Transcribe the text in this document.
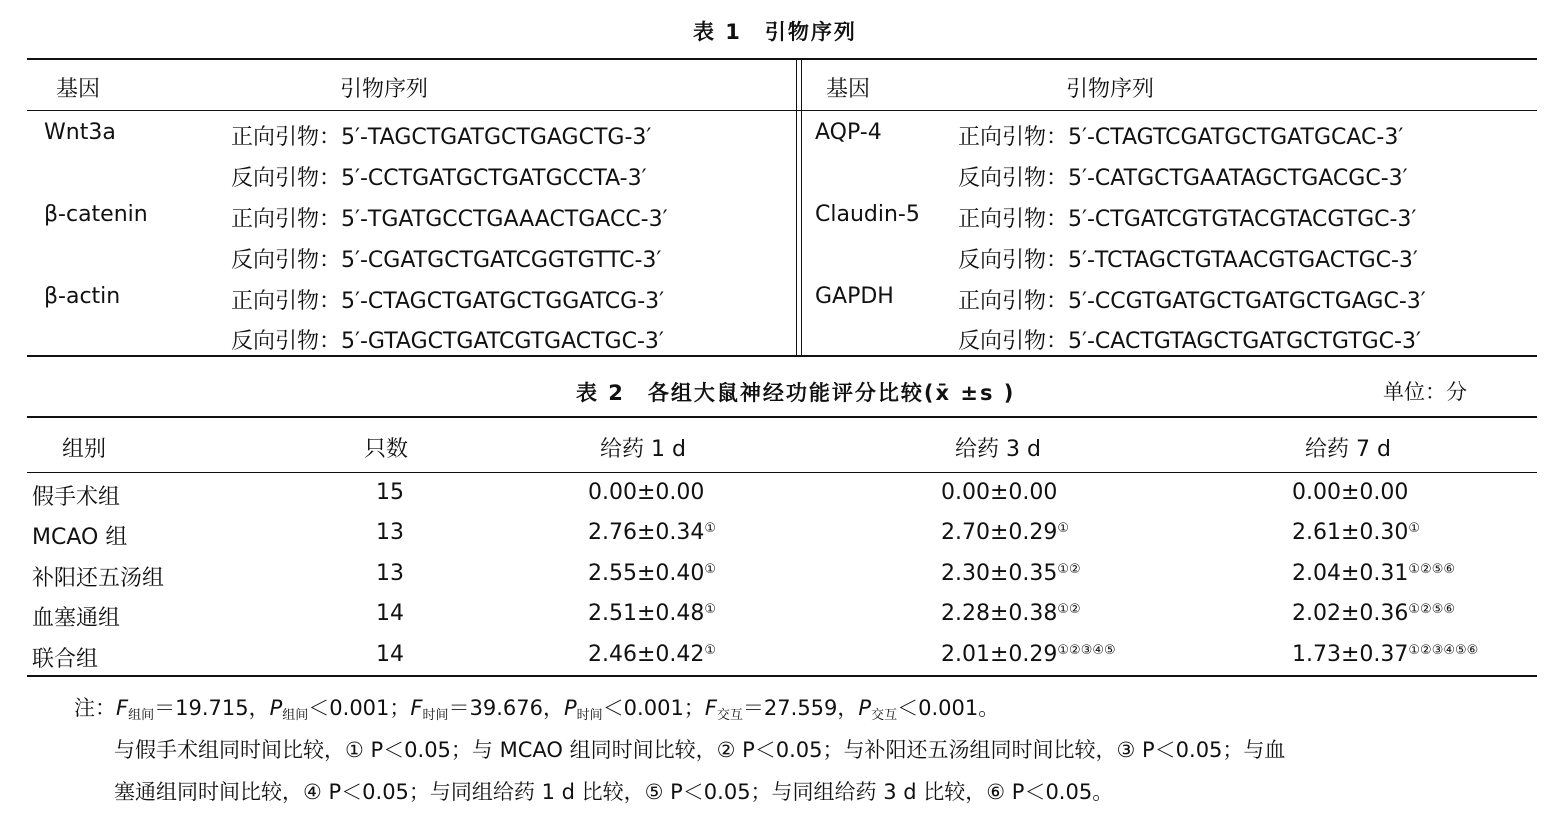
表 1　引物序列
基因	引物序列	基因	引物序列
Wnt3a	正向引物：5′-TAGCTGATGCTGAGCTG-3′
反向引物：5′-CCTGATGCTGATGCCTA-3′
β-catenin	正向引物：5′-TGATGCCTGAAACTGACC-3′
反向引物：5′-CGATGCTGATCGGTGTTC-3′
β-actin	正向引物：5′-CTAGCTGATGCTGGATCG-3′
反向引物：5′-GTAGCTGATCGTGACTGC-3′
AQP-4	正向引物：5′-CTAGTCGATGCTGATGCAC-3′
反向引物：5′-CATGCTGAATAGCTGACGC-3′
Claudin-5 正向引物：5′-CTGATCGTGTACGTACGTGC-3′
反向引物：5′-TCTAGCTGTAACGTGACTGC-3′
GAPDH	正向引物：5′-CCGTGATGCTGATGCTGAGC-3′
反向引物：5′-CACTGTAGCTGATGCTGTGC-3′
表 2　各组大鼠神经功能评分比较(x̄ ±s )	单位：分
组别	只数	给药 1 d	给药 3 d	给药 7 d
假手术组	15	0.00±0.00	0.00±0.00	0.00±0.00
MCAO 组	13	2.76±0.34①	2.70±0.29①	2.61±0.30①
补阳还五汤组	13	2.55±0.40①	2.30±0.35①②	2.04±0.31①②⑤⑥
血塞通组	14	2.51±0.48①	2.28±0.38①②	2.02±0.36①②⑤⑥
联合组	14	2.46±0.42①	2.01±0.29①②③④⑤	1.73±0.37①②③④⑤⑥
注：$F_{组间}=19.715$，$P_{组间}<0.001$；$F_{时间}=39.676$，$P_{时间}<0.001$；$F_{交互}=27.559$，$P_{交互}<0.001$。
与假手术组同时间比较，① P＜0.05；与 MCAO 组同时间比较，② P＜0.05；与补阳还五汤组同时间比较，③ P＜0.05；与血
塞通组同时间比较，④ P＜0.05；与同组给药 1 d 比较，⑤ P＜0.05；与同组给药 3 d 比较，⑥ P＜0.05。
